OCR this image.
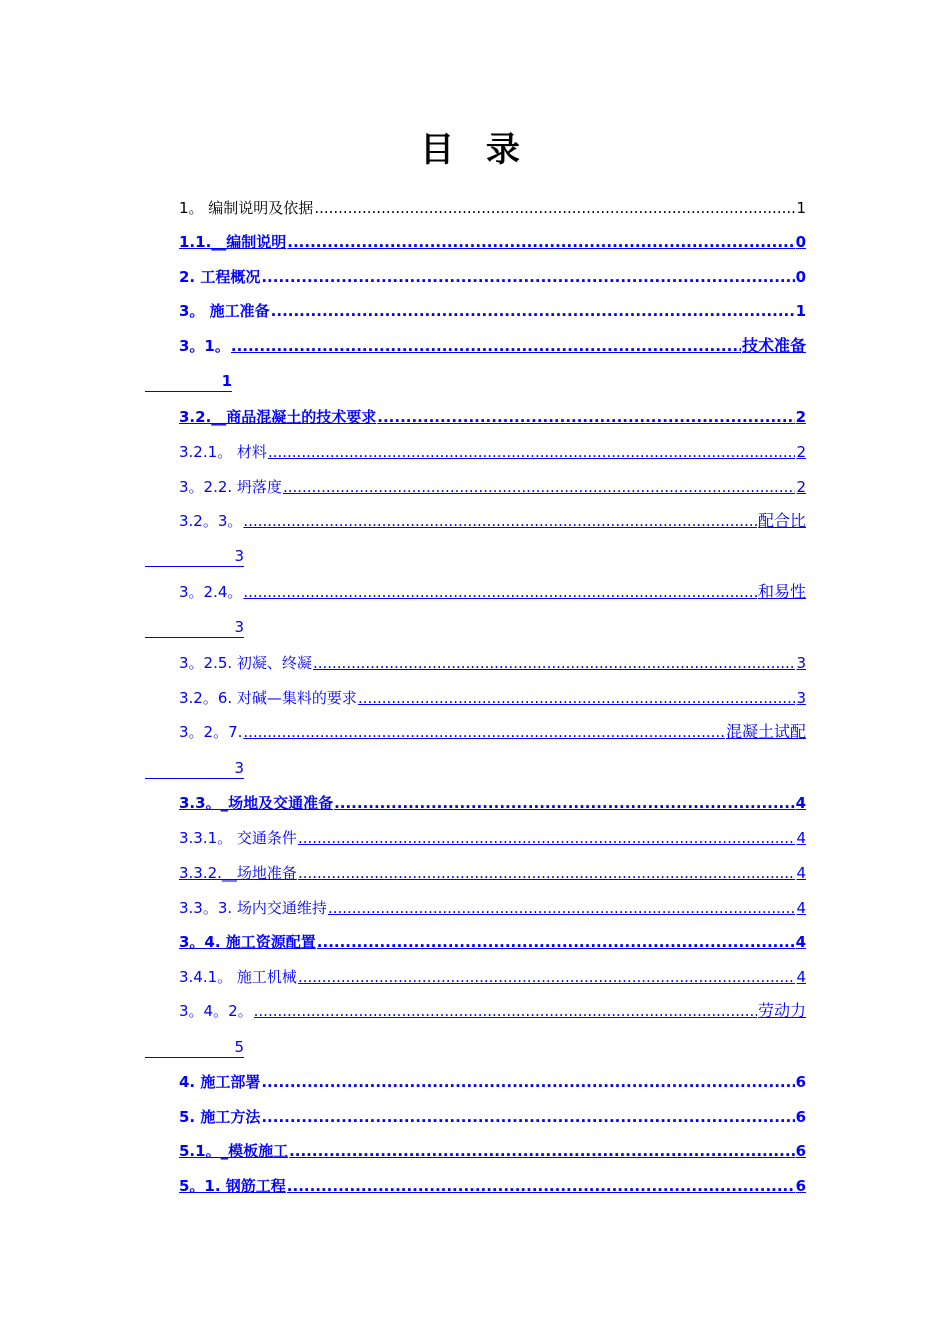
目 录
1。 编制说明及依据 .....	1
1.1.__编制说明 .....	0
2. 工程概况 .....	0
3。 施工准备 .....	1
3。1。 .....	技术准备
1
3.2.__商品混凝土的技术要求 .....	2
3.2.1。 材料 .....	2
3。2.2. 坍落度 .....	2
3.2。3。 .....	配合比
3
3。2.4。 .....	和易性
3
3。2.5. 初凝、终凝 .....	3
3.2。6. 对碱—集料的要求 .....	3
3。2。7. .....	混凝土试配
3
3.3。_场地及交通准备 .....	4
3.3.1。 交通条件 .....	4
3.3.2.__场地准备 .....	4
3.3。3. 场内交通维持 .....	4
3。4. 施工资源配置 .....	4
3.4.1。 施工机械 .....	4
3。4。2。 .....	劳动力
5
4. 施工部署 .....	6
5. 施工方法 .....	6
5.1。_模板施工 .....	6
5。1. 钢筋工程 .....	6
